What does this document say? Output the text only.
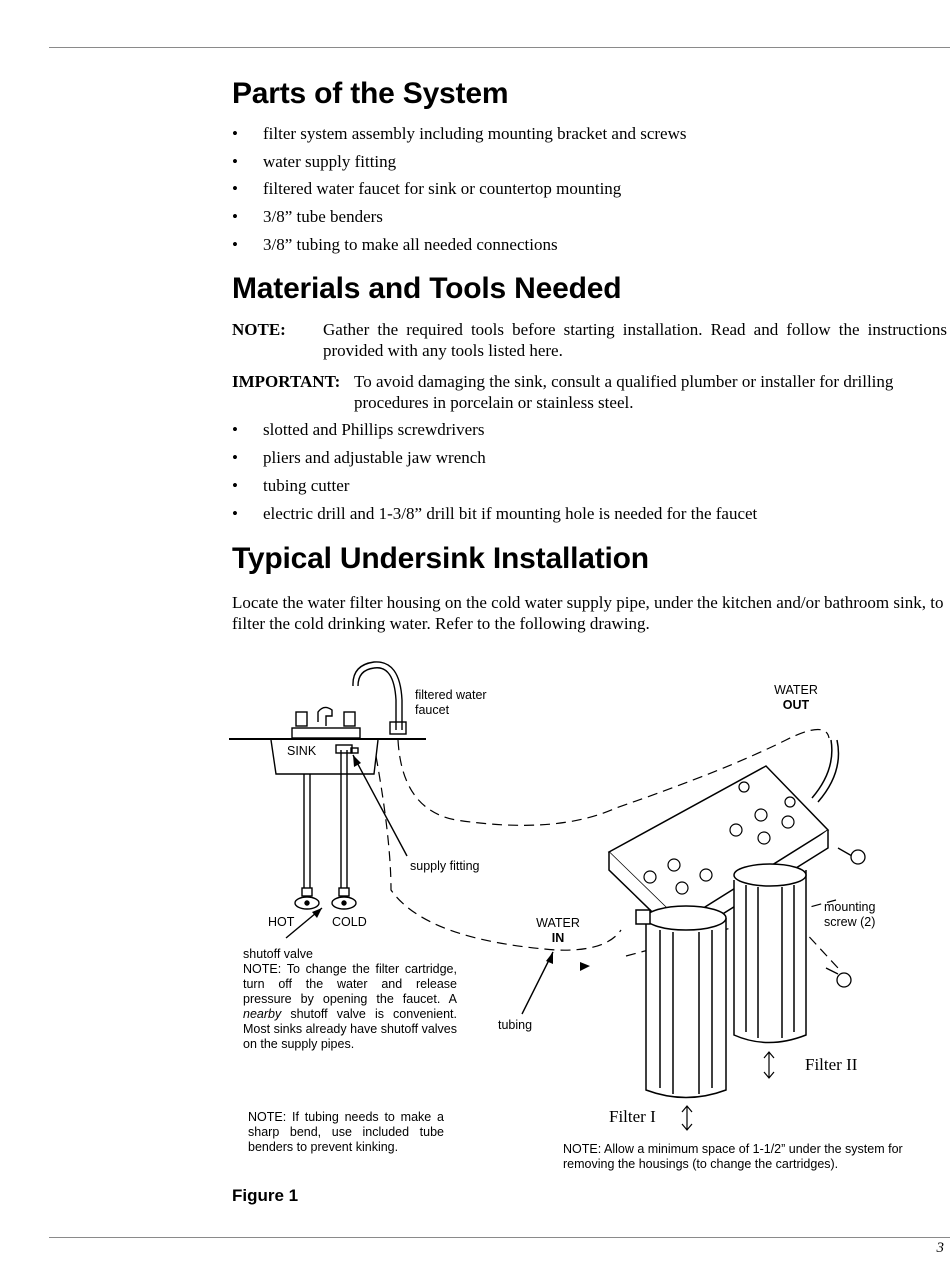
Parts of the System
• filter system assembly including mounting bracket and screws
• water supply fitting
• filtered water faucet for sink or countertop mounting
• 3/8” tube benders
• 3/8” tubing to make all needed connections
Materials and Tools Needed
NOTE:	Gather the required tools before starting installation. Read and follow the instructions provided with any tools listed here.
IMPORTANT: To avoid damaging the sink, consult a qualified plumber or installer for drilling procedures in porcelain or stainless steel.
• slotted and Phillips screwdrivers
• pliers and adjustable jaw wrench
• tubing cutter
• electric drill and 1-3/8” drill bit if mounting hole is needed for the faucet
Typical Undersink Installation

Locate the water filter housing on the cold water supply pipe, under the kitchen and/or bathroom sink, to filter the cold drinking water. Refer to the following drawing.

filtered water
faucet
SINK
supply fitting
HOT	COLD
shutoff valve
NOTE: To change the filter cartridge, turn off the water and release pressure by opening the faucet. A nearby shutoff valve is convenient. Most sinks already have shutoff valves on the supply pipes.
WATER
OUT
WATER
IN
tubing
mounting
screw (2)
Filter II
Filter I
NOTE: If tubing needs to make a sharp bend, use included tube benders to prevent kinking.	NOTE: Allow a minimum space of 1-1/2” under the system for removing the housings (to change the cartridges).
Figure 1
3
